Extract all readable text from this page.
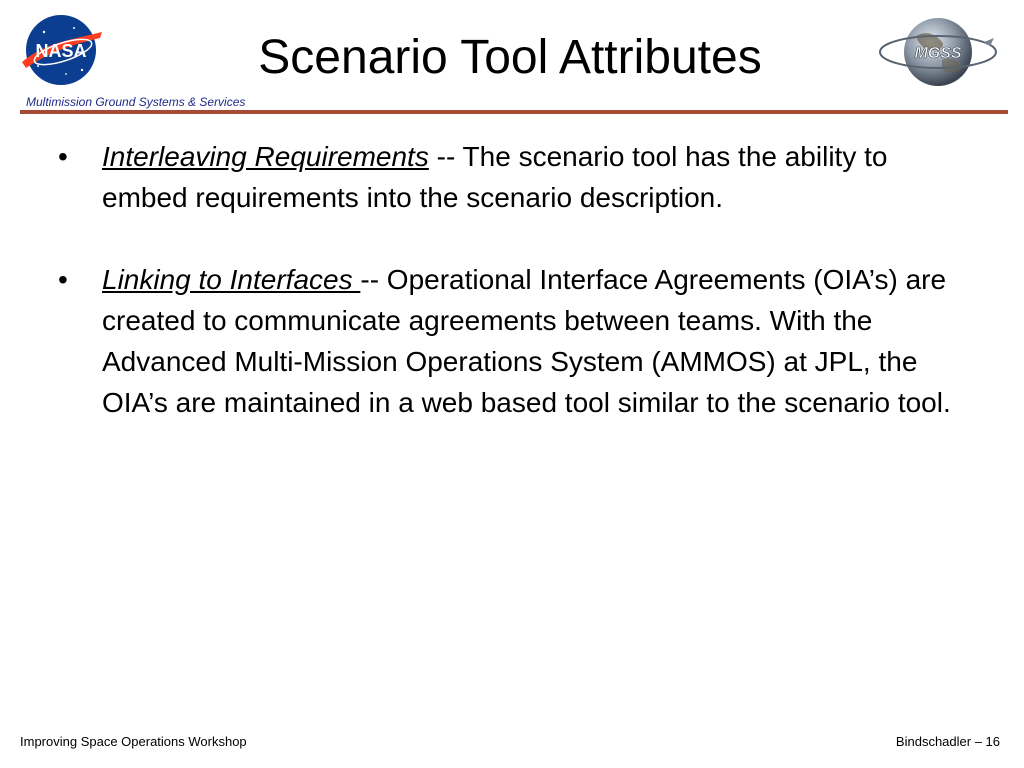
NASA	Scenario Tool Attributes	MGSS
Multimission Ground Systems & Services
•	Interleaving Requirements -- The scenario tool has the ability to embed requirements into the scenario description.
•	Linking to Interfaces -- Operational Interface Agreements (OIA’s) are created to communicate agreements between teams. With the Advanced Multi-Mission Operations System (AMMOS) at JPL, the OIA’s are maintained in a web based tool similar to the scenario tool.
Improving Space Operations Workshop	Bindschadler – 16
